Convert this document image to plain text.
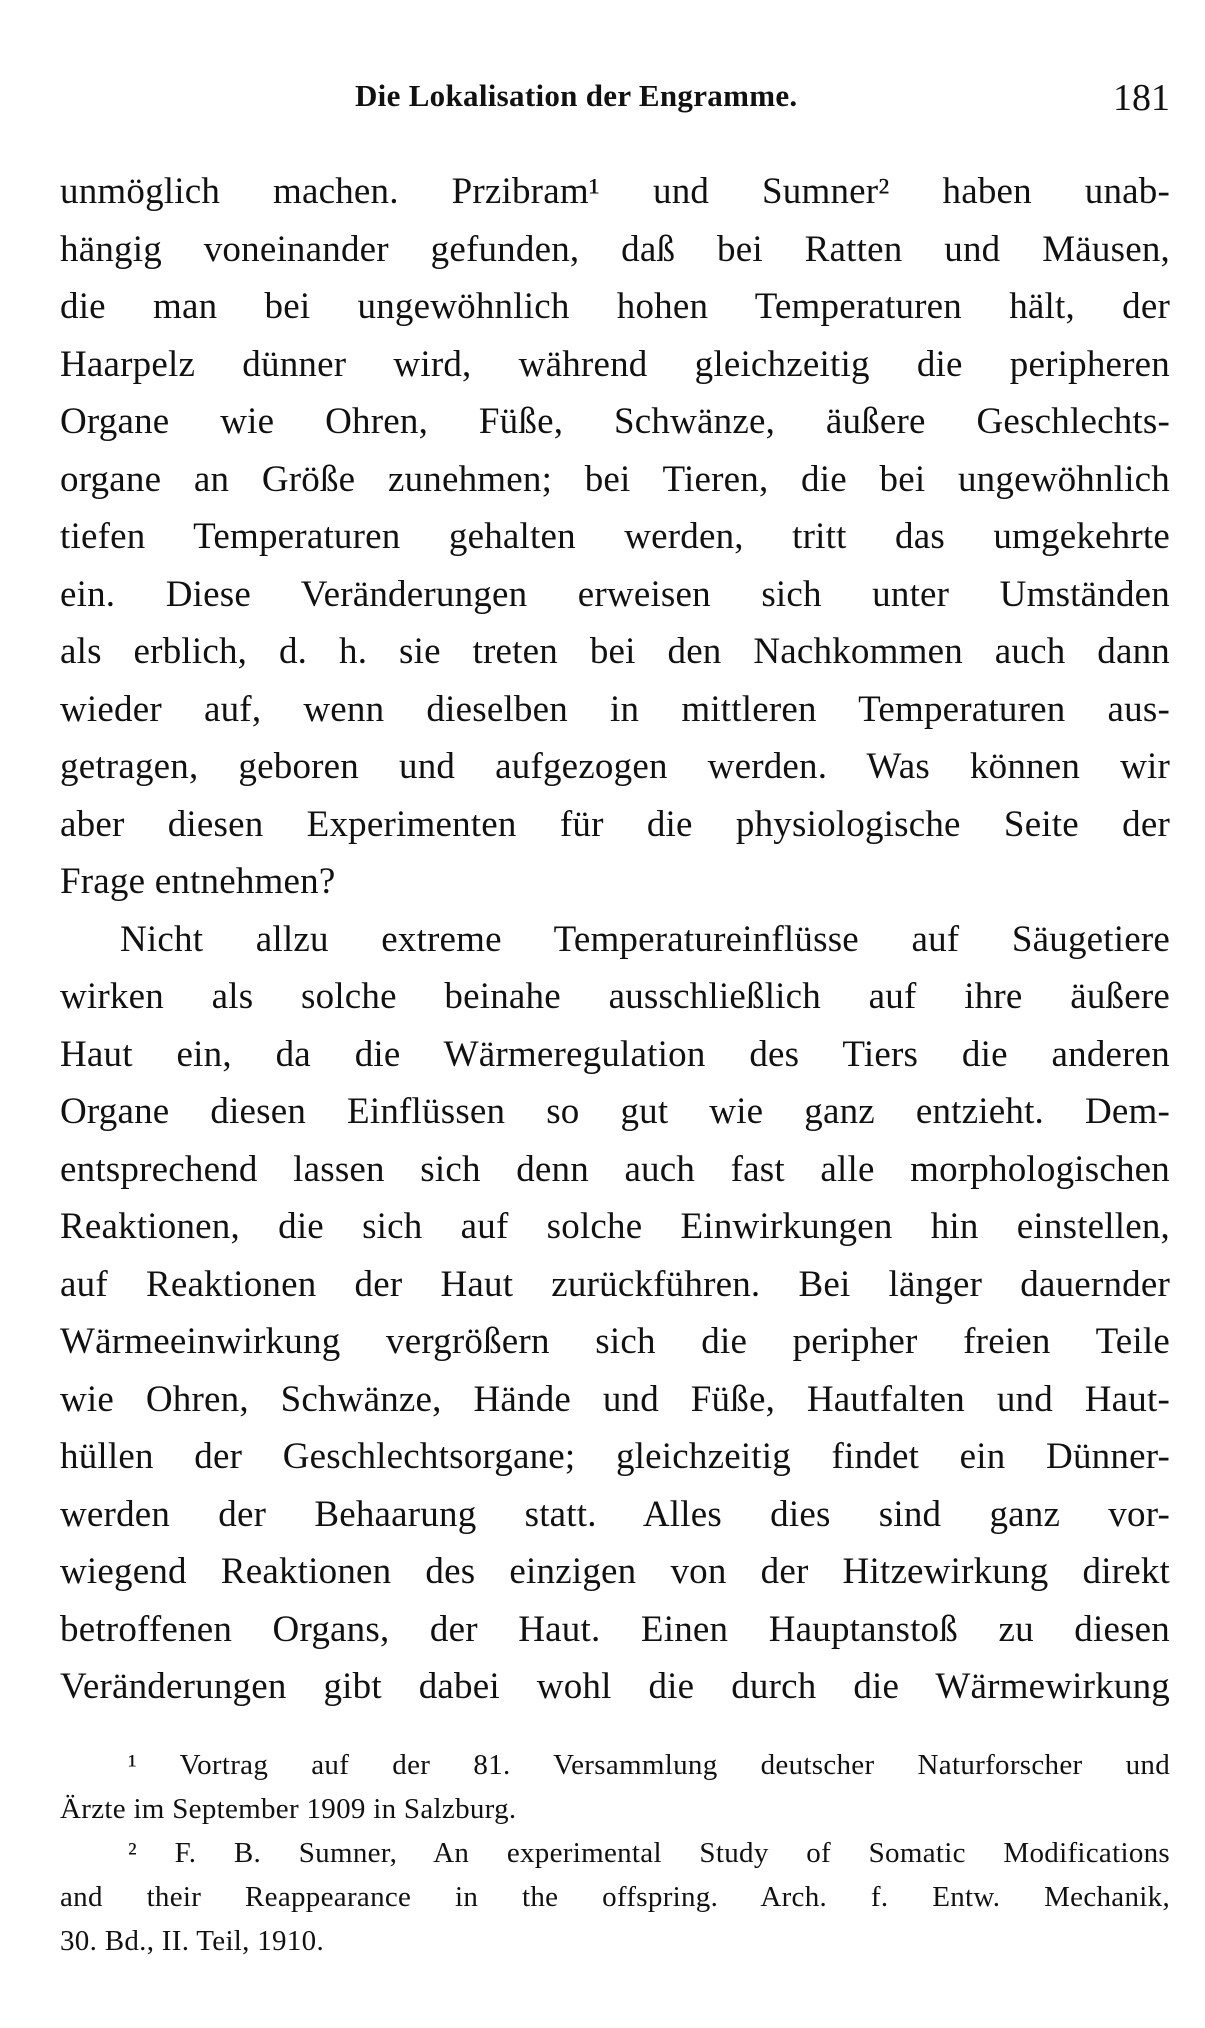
Die Lokalisation der Engramme.	181
unmöglich machen. Przibram¹ und Sumner² haben unab-
hängig voneinander gefunden, daß bei Ratten und Mäusen,
die man bei ungewöhnlich hohen Temperaturen hält, der
Haarpelz dünner wird, während gleichzeitig die peripheren
Organe wie Ohren, Füße, Schwänze, äußere Geschlechts-
organe an Größe zunehmen; bei Tieren, die bei ungewöhnlich
tiefen Temperaturen gehalten werden, tritt das umgekehrte
ein. Diese Veränderungen erweisen sich unter Umständen
als erblich, d. h. sie treten bei den Nachkommen auch dann
wieder auf, wenn dieselben in mittleren Temperaturen aus-
getragen, geboren und aufgezogen werden. Was können wir
aber diesen Experimenten für die physiologische Seite der
Frage entnehmen?
Nicht allzu extreme Temperatureinflüsse auf Säugetiere
wirken als solche beinahe ausschließlich auf ihre äußere
Haut ein, da die Wärmeregulation des Tiers die anderen
Organe diesen Einflüssen so gut wie ganz entzieht. Dem-
entsprechend lassen sich denn auch fast alle morphologischen
Reaktionen, die sich auf solche Einwirkungen hin einstellen,
auf Reaktionen der Haut zurückführen. Bei länger dauernder
Wärmeeinwirkung vergrößern sich die peripher freien Teile
wie Ohren, Schwänze, Hände und Füße, Hautfalten und Haut-
hüllen der Geschlechtsorgane; gleichzeitig findet ein Dünner-
werden der Behaarung statt. Alles dies sind ganz vor-
wiegend Reaktionen des einzigen von der Hitzewirkung direkt
betroffenen Organs, der Haut. Einen Hauptanstoß zu diesen
Veränderungen gibt dabei wohl die durch die Wärmewirkung
¹ Vortrag auf der 81. Versammlung deutscher Naturforscher und
Ärzte im September 1909 in Salzburg.
² F. B. Sumner, An experimental Study of Somatic Modifications
and their Reappearance in the offspring. Arch. f. Entw. Mechanik,
30. Bd., II. Teil, 1910.
